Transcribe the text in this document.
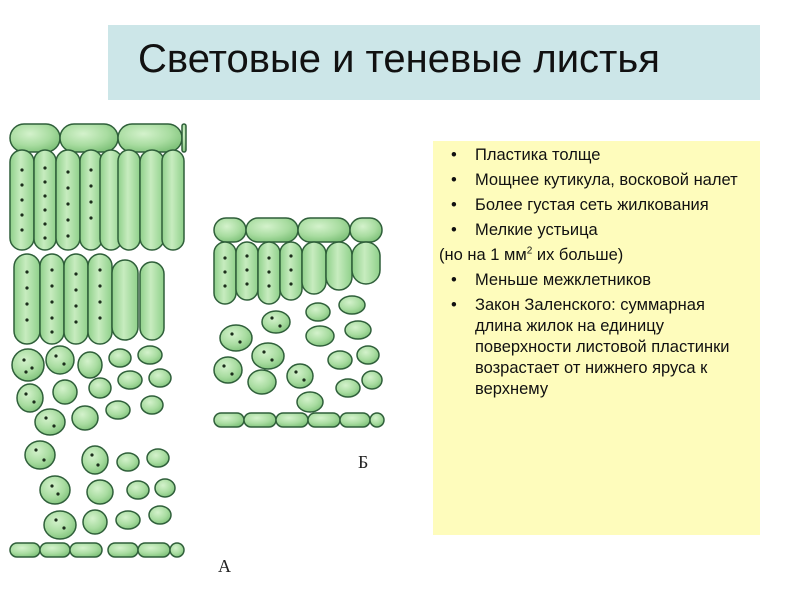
Световые и теневые листья
Б
А
• Пластика толще
• Мощнее кутикула, восковой налет
• Более густая сеть жилкования
• Мелкие устьица
(но на 1 $мм^2$ их больше)
• Меньше межклетников
• Закон Заленского: суммарная длина жилок на единицу поверхности листовой пластинки возрастает от нижнего яруса к верхнему
